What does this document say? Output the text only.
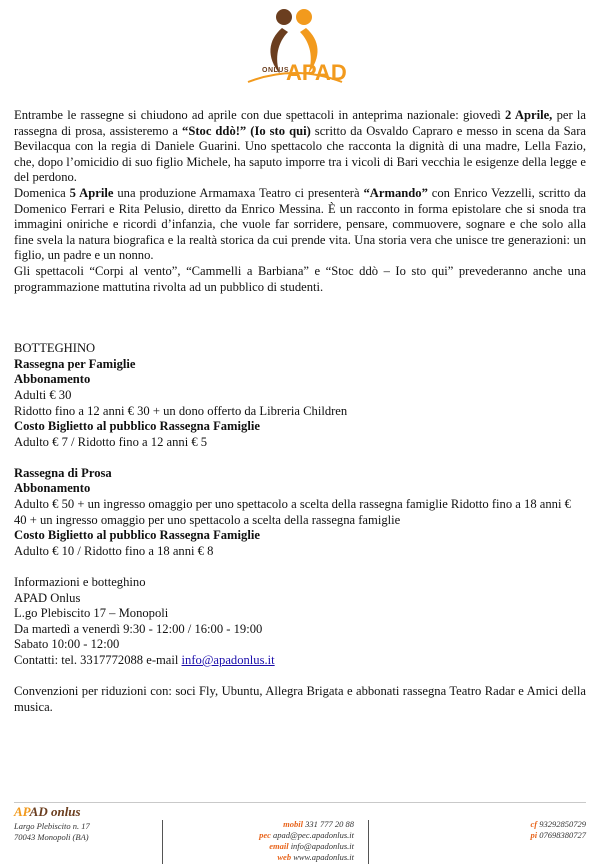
ONLUS
APAD

Entrambe le rassegne si chiudono ad aprile con due spettacoli in anteprima nazionale: giovedì 2 Aprile, per la rassegna di prosa, assisteremo a “Stoc ddò!” (Io sto qui) scritto da Osvaldo Capraro e messo in scena da Sara Bevilacqua con la regia di Daniele Guarini. Uno spettacolo che racconta la dignità di una madre, Lella Fazio, che, dopo l’omicidio di suo figlio Michele, ha saputo imporre tra i vicoli di Bari vecchia le esigenze della legge e del perdono.

Domenica 5 Aprile una produzione Armamaxa Teatro ci presenterà “Armando” con Enrico Vezzelli, scritto da Domenico Ferrari e Rita Pelusio, diretto da Enrico Messina. È un racconto in forma epistolare che si snoda tra immagini oniriche e ricordi d’infanzia, che vuole far sorridere, pensare, commuovere, sognare e che solo alla fine svela la natura biografica e la realtà storica da cui prende vita. Una storia vera che unisce tre generazioni: un figlio, un padre e un nonno.

Gli spettacoli “Corpi al vento”, “Cammelli a Barbiana” e “Stoc ddò – Io sto qui” prevederanno anche una programmazione mattutina rivolta ad un pubblico di studenti.

BOTTEGHINO

Rassegna per Famiglie

Abbonamento

Adulti € 30

Ridotto fino a 12 anni € 30 + un dono offerto da Libreria Children

Costo Biglietto al pubblico Rassegna Famiglie

Adulto € 7 / Ridotto fino a 12 anni € 5

Rassegna di Prosa

Abbonamento

Adulto € 50 + un ingresso omaggio per uno spettacolo a scelta della rassegna famiglie Ridotto fino a 18 anni € 40 + un ingresso omaggio per uno spettacolo a scelta della rassegna famiglie

Costo Biglietto al pubblico Rassegna Famiglie

Adulto € 10 / Ridotto fino a 18 anni € 8

Informazioni e botteghino

APAD Onlus

L.go Plebiscito 17 – Monopoli

Da martedì a venerdì 9:30 - 12:00 / 16:00 - 19:00

Sabato 10:00 - 12:00

Contatti: tel. 3317772088 e-mail info@apadonlus.it

Convenzioni per riduzioni con: soci Fly, Ubuntu, Allegra Brigata e abbonati rassegna Teatro Radar e Amici della musica.

APAD onlus
Largo Plebiscito n. 17
70043 Monopoli (BA)
mobil 331 777 20 88
pec apad@pec.apadonlus.it
email info@apadonlus.it
web www.apadonlus.it
cf 93292850729
pi 07698380727
